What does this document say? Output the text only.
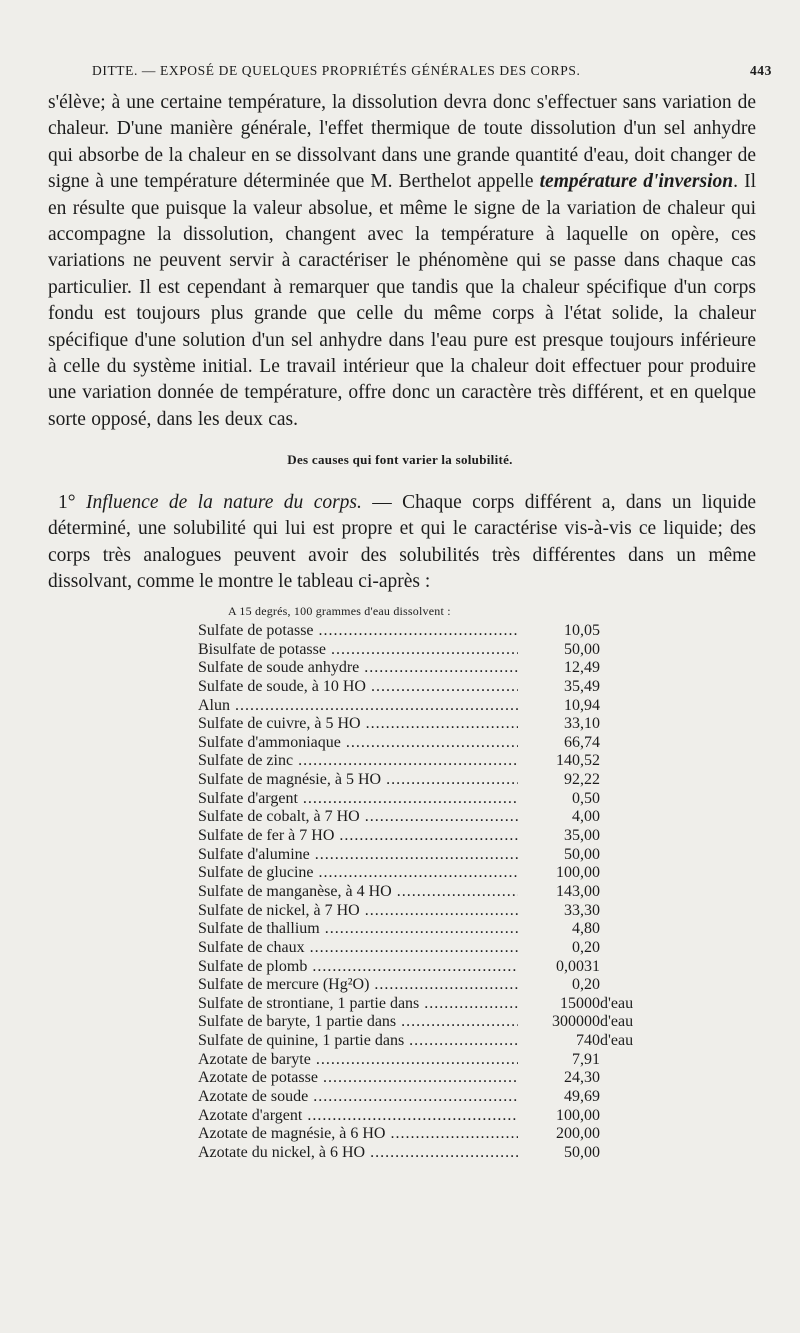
DITTE. — EXPOSÉ DE QUELQUES PROPRIÉTÉS GÉNÉRALES DES CORPS.	443

s'élève; à une certaine température, la dissolution devra donc s'effectuer sans variation de chaleur. D'une manière générale, l'effet thermique de toute dissolution d'un sel anhydre qui absorbe de la chaleur en se dissolvant dans une grande quantité d'eau, doit changer de signe à une température déterminée que M. Berthelot appelle température d'inversion. Il en résulte que puisque la valeur absolue, et même le signe de la variation de chaleur qui accompagne la dissolution, changent avec la température à laquelle on opère, ces variations ne peuvent servir à caractériser le phénomène qui se passe dans chaque cas particulier. Il est cependant à remarquer que tandis que la chaleur spécifique d'un corps fondu est toujours plus grande que celle du même corps à l'état solide, la chaleur spécifique d'une solution d'un sel anhydre dans l'eau pure est presque toujours inférieure à celle du système initial. Le travail intérieur que la chaleur doit effectuer pour produire une variation donnée de température, offre donc un caractère très différent, et en quelque sorte opposé, dans les deux cas.

Des causes qui font varier la solubilité.

1° Influence de la nature du corps. — Chaque corps différent a, dans un liquide déterminé, une solubilité qui lui est propre et qui le caractérise vis-à-vis ce liquide; des corps très analogues peuvent avoir des solubilités très différentes dans un même dissolvant, comme le montre le tableau ci-après :

A 15 degrés, 100 grammes d'eau dissolvent :
Sulfate de potasse .....	10,05
Bisulfate de potasse .....	50,00
Sulfate de soude anhydre .....	12,49
Sulfate de soude, à 10 HO .....	35,49
Alun .....	10,94
Sulfate de cuivre, à 5 HO .....	33,10
Sulfate d'ammoniaque .....	66,74
Sulfate de zinc .....	140,52
Sulfate de magnésie, à 5 HO .....	92,22
Sulfate d'argent .....	0,50
Sulfate de cobalt, à 7 HO .....	4,00
Sulfate de fer à 7 HO .....	35,00
Sulfate d'alumine .....	50,00
Sulfate de glucine .....	100,00
Sulfate de manganèse, à 4 HO .....	143,00
Sulfate de nickel, à 7 HO .....	33,30
Sulfate de thallium .....	4,80
Sulfate de chaux .....	0,20
Sulfate de plomb .....	0,0031
Sulfate de mercure (Hg²O) .....	0,20
Sulfate de strontiane, 1 partie dans .....	15000 d'eau
Sulfate de baryte, 1 partie dans .....	300000 d'eau
Sulfate de quinine, 1 partie dans .....	740 d'eau
Azotate de baryte .....	7,91
Azotate de potasse .....	24,30
Azotate de soude .....	49,69
Azotate d'argent .....	100,00
Azotate de magnésie, à 6 HO .....	200,00
Azotate du nickel, à 6 HO .....	50,00
